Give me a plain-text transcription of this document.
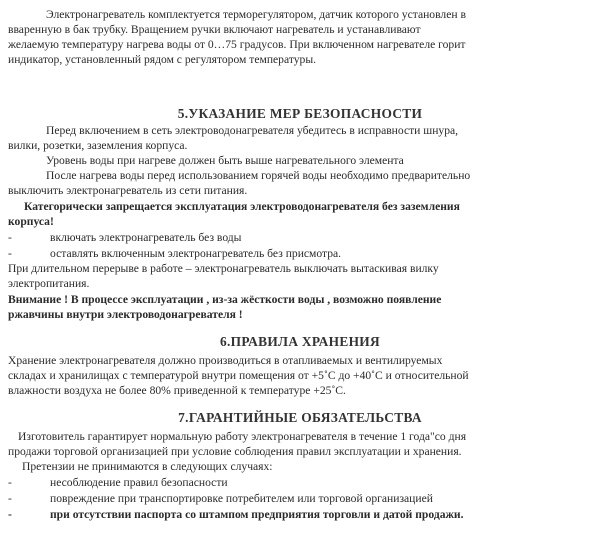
Электронагреватель комплектуется терморегулятором, датчик которого установлен в
вваренную в бак трубку. Вращением ручки включают нагреватель и устанавливают
желаемую температуру нагрева воды от 0…75 градусов. При включенном нагревателе горит
индикатор, установленный рядом с регулятором температуры.
5.УКАЗАНИЕ МЕР БЕЗОПАСНОСТИ
Перед включением в сеть электроводонагревателя убедитесь в исправности шнура,
вилки, розетки, заземления корпуса.
Уровень воды при нагреве должен быть выше нагревательного элемента
После нагрева воды перед использованием горячей воды необходимо предварительно
выключить электронагреватель из сети питания.
Категорически запрещается эксплуатация электроводонагревателя без заземления
корпуса!
-	включать электронагреватель без воды
-	оставлять включенным электронагреватель без присмотра.
При длительном перерыве в работе – электронагреватель выключать вытаскивая вилку
электропитания.
Внимание ! В процессе эксплуатации , из-за жёсткости воды , возможно появление
ржавчины внутри электроводонагревателя !
6.ПРАВИЛА ХРАНЕНИЯ
Хранение электронагревателя должно производиться в отапливаемых и вентилируемых
складах и хранилищах с температурой внутри помещения от +5˚С до +40˚С и относительной
влажности воздуха не более 80% приведенной к температуре +25˚С.
7.ГАРАНТИЙНЫЕ ОБЯЗАТЕЛЬСТВА
Изготовитель гарантирует нормальную работу электронагревателя в течение 1 года"со дня
продажи торговой организацией при условие соблюдения правил эксплуатации и хранения.
Претензии не принимаются в следующих случаях:
-	несоблюдение правил безопасности
-	повреждение при транспортировке потребителем или торговой организацией
-	при отсутствии паспорта со штампом предприятия торговли и датой продажи.
